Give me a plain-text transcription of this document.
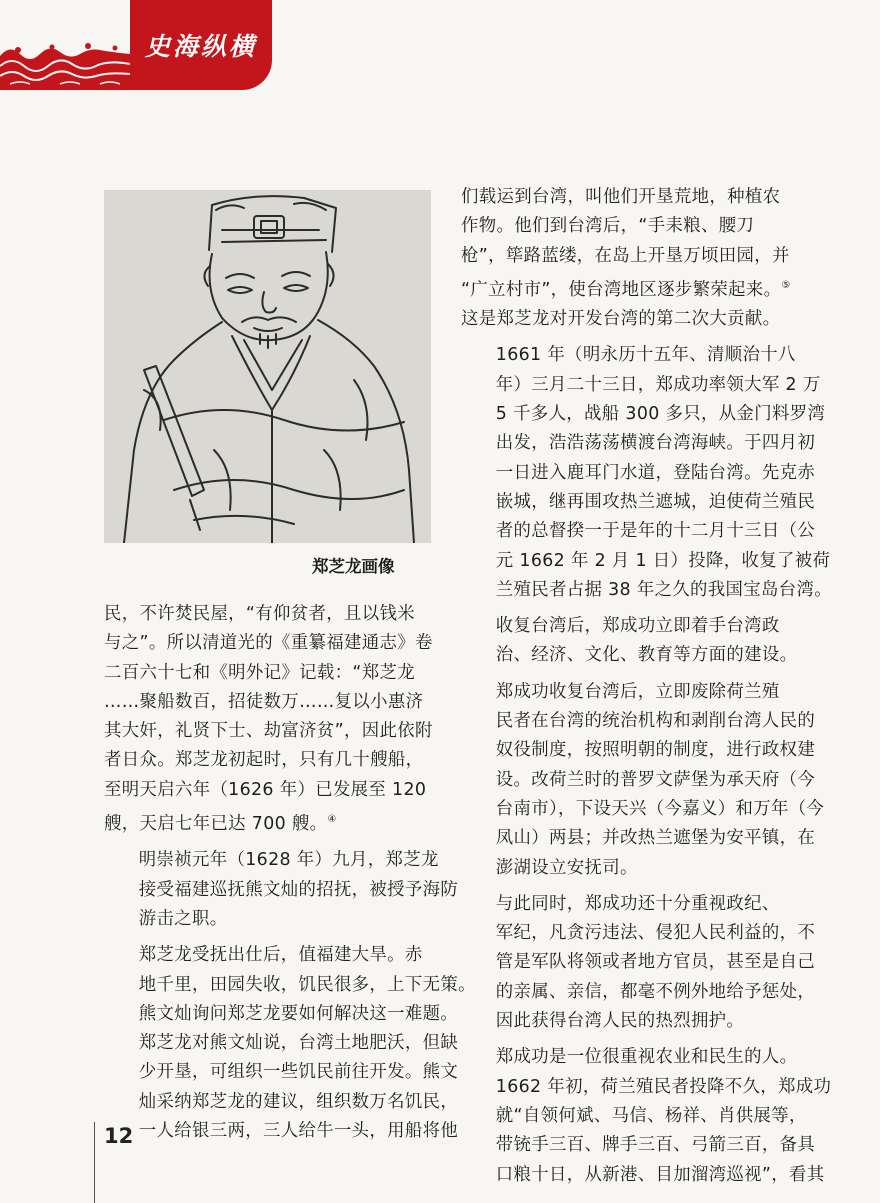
史海纵横
郑芝龙画像

民，不许焚民屋，“有仰贫者，且以钱米
与之”。所以清道光的《重纂福建通志》卷
二百六十七和《明外记》记载：“郑芝龙
……聚船数百，招徒数万……复以小惠济
其大奸，礼贤下士、劫富济贫”，因此依附
者日众。郑芝龙初起时，只有几十艘船，
至明天启六年（1626 年）已发展至 120
艘，天启七年已达 700 艘。④

明崇祯元年（1628 年）九月，郑芝龙
接受福建巡抚熊文灿的招抚，被授予海防
游击之职。

郑芝龙受抚出仕后，值福建大旱。赤
地千里，田园失收，饥民很多，上下无策。
熊文灿询问郑芝龙要如何解决这一难题。
郑芝龙对熊文灿说，台湾土地肥沃，但缺
少开垦，可组织一些饥民前往开发。熊文
灿采纳郑芝龙的建议，组织数万名饥民，
一人给银三两，三人给牛一头，用船将他

们载运到台湾，叫他们开垦荒地，种植农
作物。他们到台湾后，“手耒粮、腰刀
枪”，筚路蓝缕，在岛上开垦万顷田园，并
“广立村市”，使台湾地区逐步繁荣起来。⑤
这是郑芝龙对开发台湾的第二次大贡献。

1661 年（明永历十五年、清顺治十八
年）三月二十三日，郑成功率领大军 2 万
5 千多人，战船 300 多只，从金门料罗湾
出发，浩浩荡荡横渡台湾海峡。于四月初
一日进入鹿耳门水道，登陆台湾。先克赤
嵌城，继再围攻热兰遮城，迫使荷兰殖民
者的总督揆一于是年的十二月十三日（公
元 1662 年 2 月 1 日）投降，收复了被荷
兰殖民者占据 38 年之久的我国宝岛台湾。

收复台湾后，郑成功立即着手台湾政
治、经济、文化、教育等方面的建设。

郑成功收复台湾后，立即废除荷兰殖
民者在台湾的统治机构和剥削台湾人民的
奴役制度，按照明朝的制度，进行政权建
设。改荷兰时的普罗文萨堡为承天府（今
台南市），下设天兴（今嘉义）和万年（今
凤山）两县；并改热兰遮堡为安平镇，在
澎湖设立安抚司。

与此同时，郑成功还十分重视政纪、
军纪，凡贪污违法、侵犯人民利益的，不
管是军队将领或者地方官员，甚至是自己
的亲属、亲信，都毫不例外地给予惩处，
因此获得台湾人民的热烈拥护。

郑成功是一位很重视农业和民生的人。
1662 年初，荷兰殖民者投降不久，郑成功
就“自领何斌、马信、杨祥、肖供展等，
带铳手三百、牌手三百、弓箭三百，备具
口粮十日，从新港、目加溜湾巡视”，看其

12
